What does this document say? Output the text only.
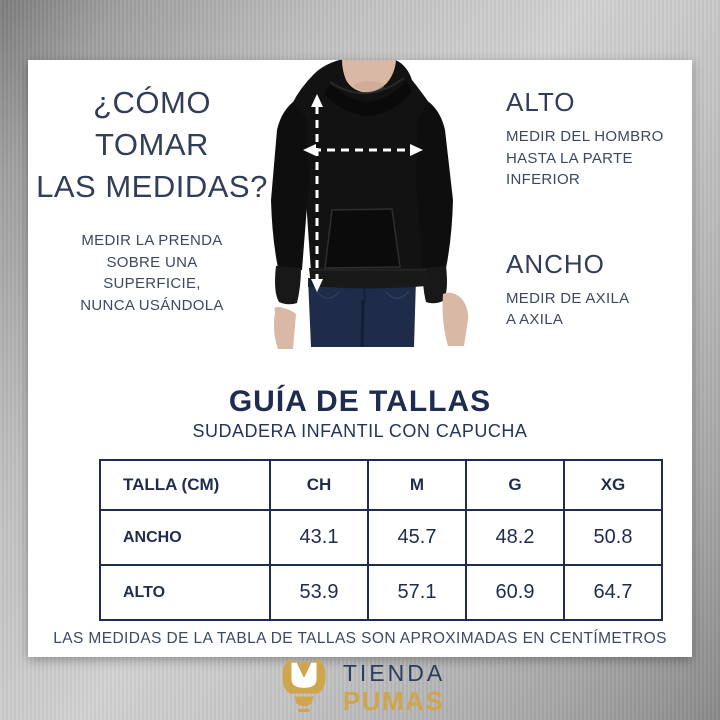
¿CÓMO TOMAR
LAS MEDIDAS?
MEDIR LA PRENDA
SOBRE UNA
SUPERFICIE,
NUNCA USÁNDOLA
ALTO
MEDIR DEL HOMBRO
HASTA LA PARTE
INFERIOR
ANCHO
MEDIR DE AXILA
A AXILA
GUÍA DE TALLAS
SUDADERA INFANTIL CON CAPUCHA
TALLA (CM)	CH	M	G	XG
ANCHO	43.1	45.7	48.2	50.8
ALTO	53.9	57.1	60.9	64.7
LAS MEDIDAS DE LA TABLA DE TALLAS SON APROXIMADAS EN CENTÍMETROS
TIENDA
PUMAS
